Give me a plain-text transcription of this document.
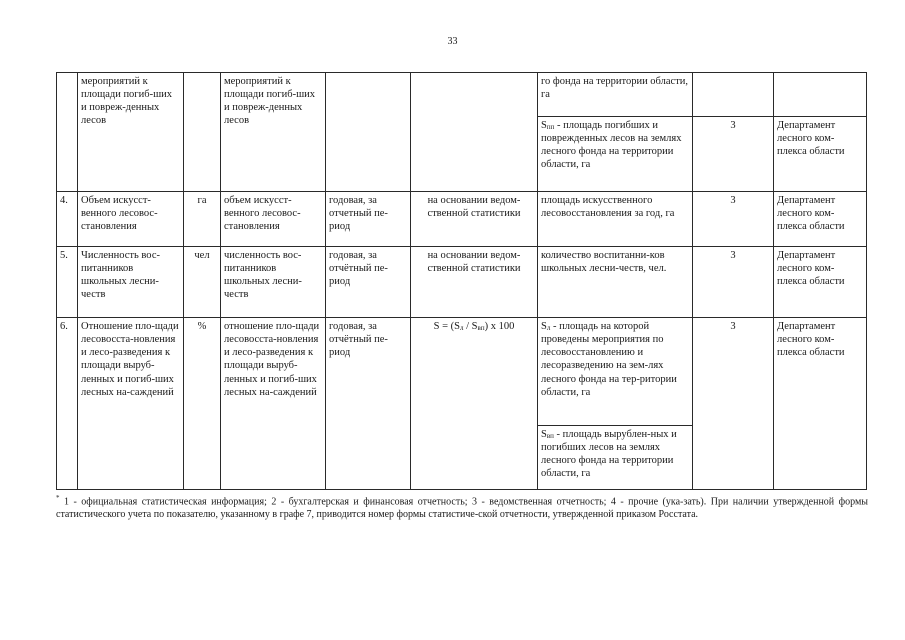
33
	мероприятий к площади погиб-ших и повреж-денных лесов		мероприятий к площади погиб-ших и повреж-денных лесов			го фонда на территории области, га		
						Sпп - площадь погибших и поврежденных лесов на землях лесного фонда на территории области, га	3	Департамент лесного ком-плекса области
4.	Объем искусст-венного лесовос-становления	га	объем искусст-венного лесовос-становления	годовая, за отчетный пе-риод	на основании ведом-ственной статистики	площадь искусственного лесовосстановления за год, га	3	Департамент лесного ком-плекса области
5.	Численность вос-питанников школьных лесни-честв	чел	численность вос-питанников школьных лесни-честв	годовая, за отчётный пе-риод	на основании ведом-ственной статистики	количество воспитанни-ков школьных лесни-честв, чел.	3	Департамент лесного ком-плекса области
6.	Отношение пло-щади лесовосста-новления и лесо-разведения к площади выруб-ленных и погиб-ших лесных на-саждений	%	отношение пло-щади лесовосста-новления и лесо-разведения к площади выруб-ленных и погиб-ших лесных на-саждений	годовая, за отчётный пе-риод	S = (Sл / Sвп) х 100	Sл - площадь на которой проведены мероприятия по лесовосстановлению и лесоразведению на зем-лях лесного фонда на тер-ритории области, га	3	Департамент лесного ком-плекса области
						Sвп - площадь вырублен-ных и погибших лесов на землях лесного фонда на территории области, га		
* 1 - официальная статистическая информация; 2 - бухгалтерская и финансовая отчетность; 3 - ведомственная отчетность; 4 - прочие (ука-зать). При наличии утвержденной формы статистического учета по показателю, указанному в графе 7, приводится номер формы статистиче-ской отчетности, утвержденной приказом Росстата.
